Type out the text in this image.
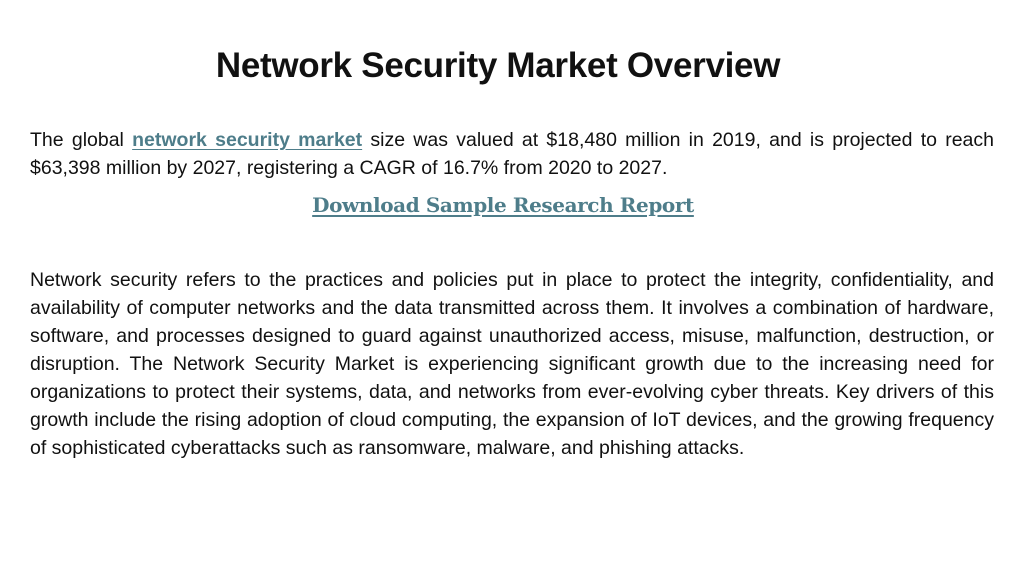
Network Security Market Overview

The global network security market size was valued at $18,480 million in 2019, and is projected to reach $63,398 million by 2027, registering a CAGR of 16.7% from 2020 to 2027.

Download Sample Research Report

Network security refers to the practices and policies put in place to protect the integrity, confidentiality, and availability of computer networks and the data transmitted across them. It involves a combination of hardware, software, and processes designed to guard against unauthorized access, misuse, malfunction, destruction, or disruption. The Network Security Market is experiencing significant growth due to the increasing need for organizations to protect their systems, data, and networks from ever-evolving cyber threats. Key drivers of this growth include the rising adoption of cloud computing, the expansion of IoT devices, and the growing frequency of sophisticated cyberattacks such as ransomware, malware, and phishing attacks.
